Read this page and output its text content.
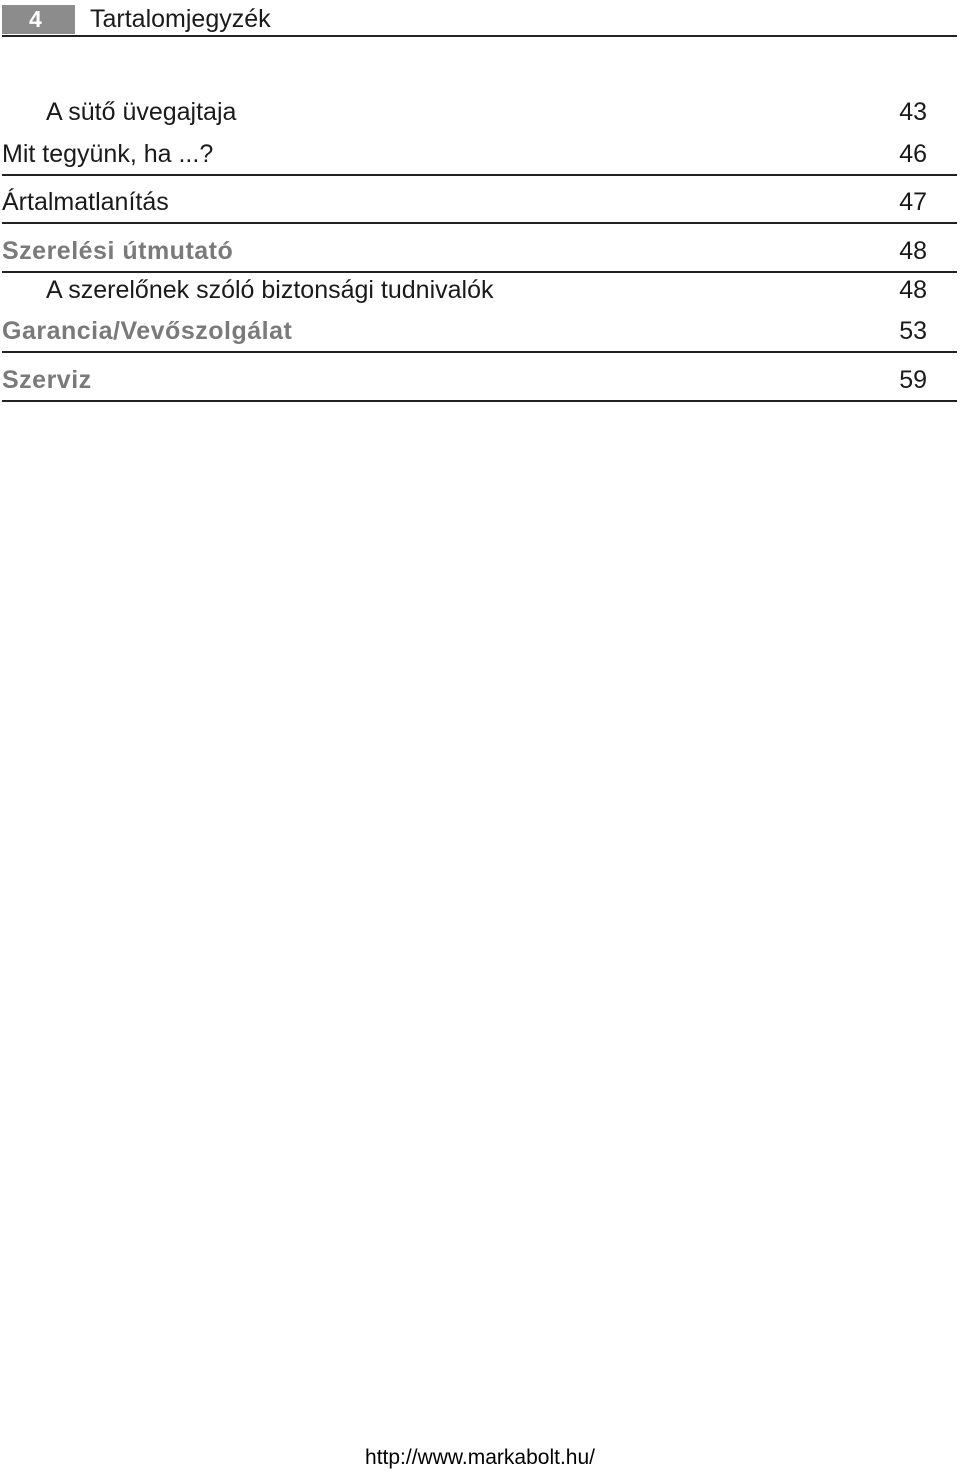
4	Tartalomjegyzék
A sütő üvegajtaja	43
Mit tegyünk, ha ...?	46
Ártalmatlanítás	47
Szerelési útmutató	48
A szerelőnek szóló biztonsági tudnivalók	48
Garancia/Vevőszolgálat	53
Szerviz	59
http://www.markabolt.hu/
